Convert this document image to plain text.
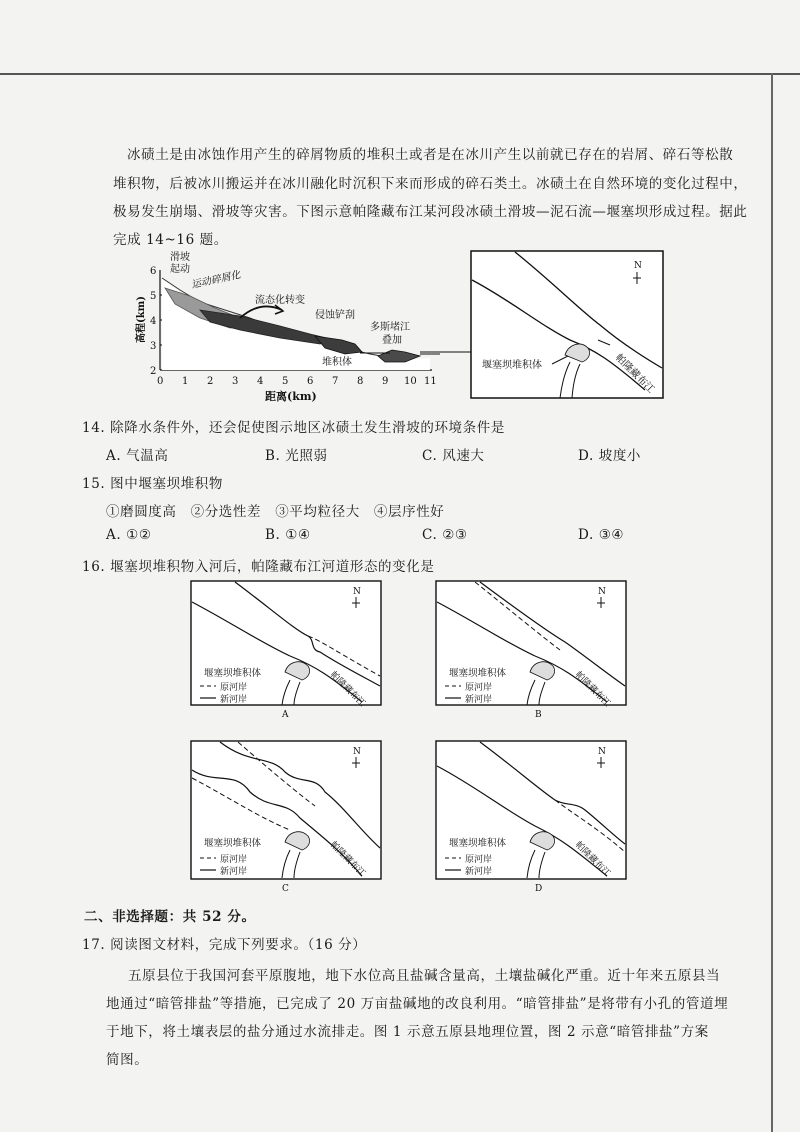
冰碛土是由冰蚀作用产生的碎屑物质的堆积土或者是在冰川产生以前就已存在的岩屑、碎石等松散
堆积物，后被冰川搬运并在冰川融化时沉积下来而形成的碎石类土。冰碛土在自然环境的变化过程中，
极易发生崩塌、滑坡等灾害。下图示意帕隆藏布江某河段冰碛土滑坡—泥石流—堰塞坝形成过程。据此
完成 14~16 题。
6
5
4
3
2
0 1 2 3 4 5 6 7 8 9 10 11
距离(km)
高程(km)
滑坡
起动
运动碎屑化
流态化转变
侵蚀铲刮
多斯堵江
叠加
堆积体
N
堰塞坝堆积体	帕隆藏布江
14. 除降水条件外，还会促使图示地区冰碛土发生滑坡的环境条件是
A. 气温高	B. 光照弱	C. 风速大	D. 坡度小
15. 图中堰塞坝堆积物
①磨圆度高　②分选性差　③平均粒径大　④层序性好
A. ①②	B. ①④	C. ②③	D. ③④
16. 堰塞坝堆积物入河后，帕隆藏布江河道形态的变化是
N
堰塞坝堆积体
原河岸
新河岸	帕隆藏布江
A
N
堰塞坝堆积体
原河岸
新河岸	帕隆藏布江
B
N
堰塞坝堆积体
原河岸
新河岸	帕隆藏布江
C
N
堰塞坝堆积体
原河岸
新河岸	帕隆藏布江
D
二、非选择题：共 52 分。
17. 阅读图文材料，完成下列要求。（16 分）
五原县位于我国河套平原腹地，地下水位高且盐碱含量高，土壤盐碱化严重。近十年来五原县当
地通过“暗管排盐”等措施，已完成了 20 万亩盐碱地的改良利用。“暗管排盐”是将带有小孔的管道埋
于地下，将土壤表层的盐分通过水流排走。图 1 示意五原县地理位置，图 2 示意“暗管排盐”方案
简图。
